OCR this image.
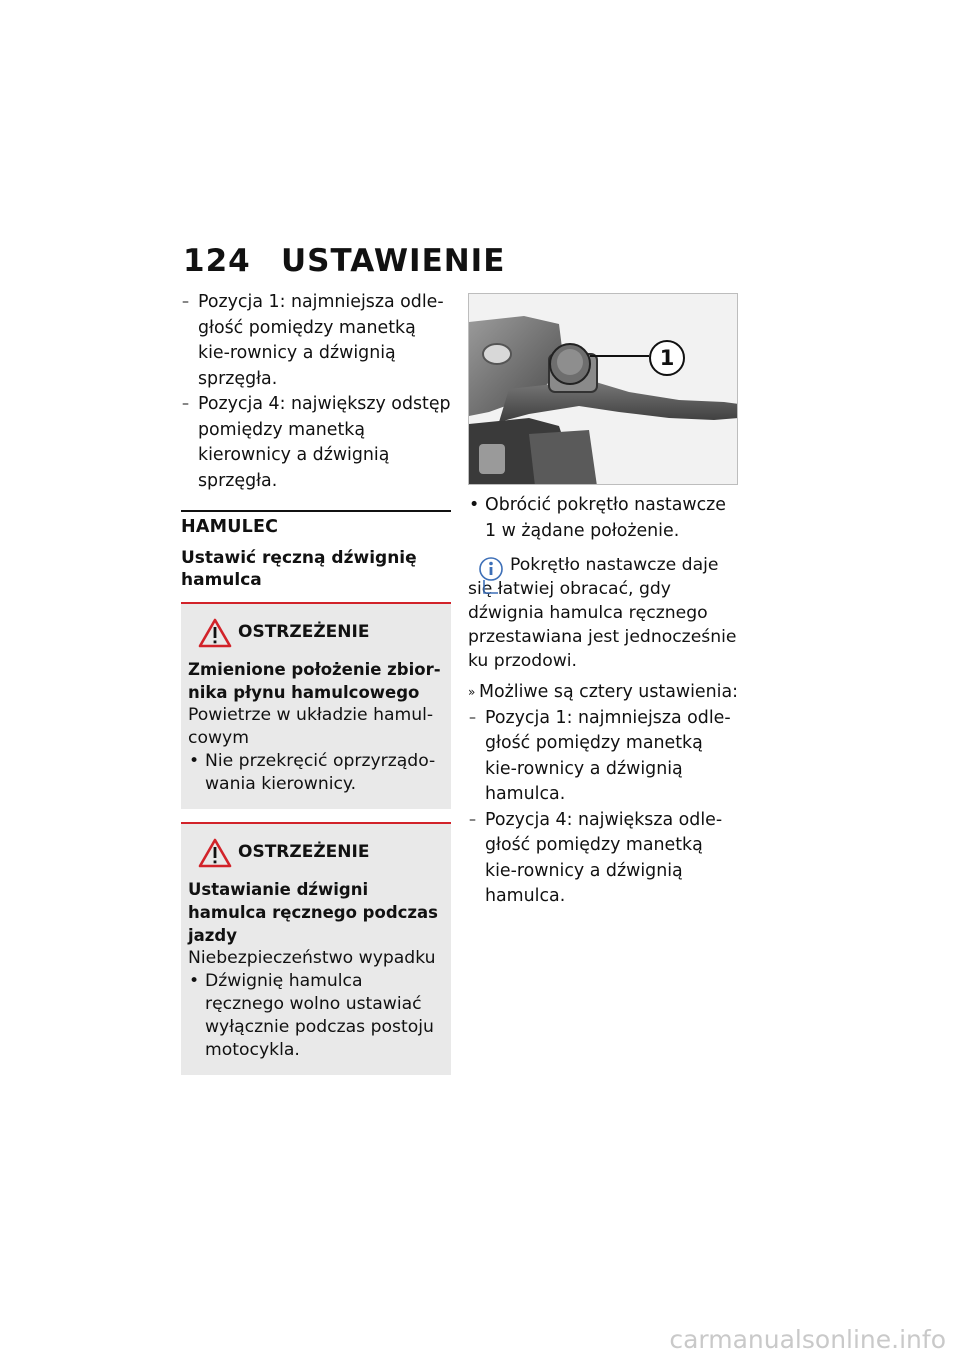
124 USTAWIENIE
– Pozycja 1: najmniejsza odle-głość pomiędzy manetką kie-rownicy a dźwignią sprzęgła.
– Pozycja 4: największy odstęp pomiędzy manetką kierownicy a dźwignią sprzęgła.
HAMULEC
Ustawić ręczną dźwignię hamulca
OSTRZEŻENIE
Zmienione położenie zbior-nika płynu hamulcowego
Powietrze w układzie hamul-cowym
• Nie przekręcić oprzyrządo-wania kierownicy.
OSTRZEŻENIE
Ustawianie dźwigni hamulca ręcznego podczas jazdy
Niebezpieczeństwo wypadku
• Dźwignię hamulca ręcznego wolno ustawiać wyłącznie podczas postoju motocykla.
1
• Obrócić pokrętło nastawcze 1 w żądane położenie.
Pokrętło nastawcze daje się łatwiej obracać, gdy dźwignia hamulca ręcznego przestawiana jest jednocześnie ku przodowi.
» Możliwe są cztery ustawienia:
– Pozycja 1: najmniejsza odle-głość pomiędzy manetką kie-rownicy a dźwignią hamulca.
– Pozycja 4: największa odle-głość pomiędzy manetką kie-rownicy a dźwignią hamulca.
carmanualsonline.info
